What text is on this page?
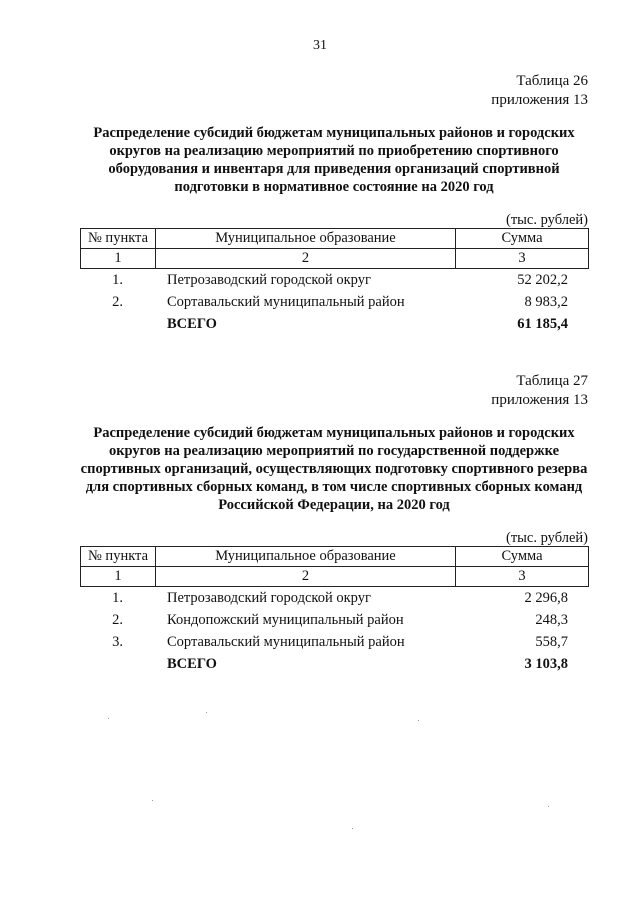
31
Таблица 26
приложения 13
Распределение субсидий бюджетам муниципальных районов и городских округов на реализацию мероприятий по приобретению спортивного оборудования и инвентаря для приведения организаций спортивной подготовки в нормативное состояние на 2020 год
(тыс. рублей)
№ пункта	Муниципальное образование	Сумма
1	2	3
1.	Петрозаводский городской округ	52 202,2
2.	Сортавальский муниципальный район	8 983,2
	ВСЕГО	61 185,4
Таблица 27
приложения 13
Распределение субсидий бюджетам муниципальных районов и городских округов на реализацию мероприятий по государственной поддержке спортивных организаций, осуществляющих подготовку спортивного резерва для спортивных сборных команд, в том числе спортивных сборных команд Российской Федерации, на 2020 год
(тыс. рублей)
№ пункта	Муниципальное образование	Сумма
1	2	3
1.	Петрозаводский городской округ	2 296,8
2.	Кондопожский муниципальный район	248,3
3.	Сортавальский муниципальный район	558,7
	ВСЕГО	3 103,8
